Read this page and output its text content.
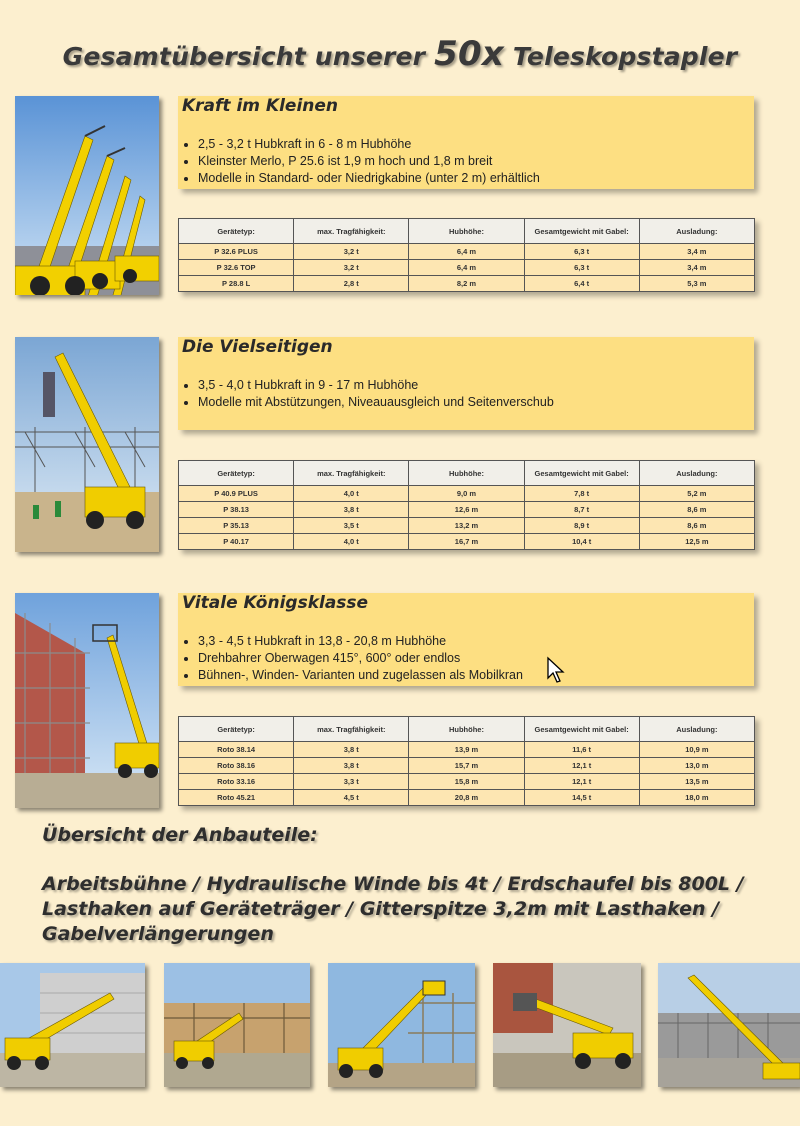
Gesamtübersicht unserer 50x Teleskopstapler
Kraft im Kleinen
• 2,5 - 3,2 t Hubkraft in 6 - 8 m Hubhöhe
• Kleinster Merlo, P 25.6 ist 1,9 m hoch und 1,8 m breit
• Modelle in Standard- oder Niedrigkabine (unter 2 m) erhältlich
Gerätetyp:	max. Tragfähigkeit:	Hubhöhe:	Gesamtgewicht mit Gabel:	Ausladung:
P 32.6 PLUS	3,2 t	6,4 m	6,3 t	3,4 m
P 32.6 TOP	3,2 t	6,4 m	6,3 t	3,4 m
P 28.8 L	2,8 t	8,2 m	6,4 t	5,3 m
Die Vielseitigen
• 3,5 - 4,0 t Hubkraft in 9 - 17 m Hubhöhe
• Modelle mit Abstützungen, Niveauausgleich und Seitenverschub
Gerätetyp:	max. Tragfähigkeit:	Hubhöhe:	Gesamtgewicht mit Gabel:	Ausladung:
P 40.9 PLUS	4,0 t	9,0 m	7,8 t	5,2 m
P 38.13	3,8 t	12,6 m	8,7 t	8,6 m
P 35.13	3,5 t	13,2 m	8,9 t	8,6 m
P 40.17	4,0 t	16,7 m	10,4 t	12,5 m
Vitale Königsklasse
• 3,3 - 4,5 t Hubkraft in 13,8 - 20,8 m Hubhöhe
• Drehbahrer Oberwagen 415°, 600° oder endlos
• Bühnen-, Winden- Varianten und zugelassen als Mobilkran
Gerätetyp:	max. Tragfähigkeit:	Hubhöhe:	Gesamtgewicht mit Gabel:	Ausladung:
Roto 38.14	3,8 t	13,9 m	11,6 t	10,9 m
Roto 38.16	3,8 t	15,7 m	12,1 t	13,0 m
Roto 33.16	3,3 t	15,8 m	12,1 t	13,5 m
Roto 45.21	4,5 t	20,8 m	14,5 t	18,0 m
Übersicht der Anbauteile:
Arbeitsbühne / Hydraulische Winde bis 4t / Erdschaufel bis 800L /
Lasthaken auf Geräteträger / Gitterspitze 3,2m mit Lasthaken /
Gabelverlängerungen
